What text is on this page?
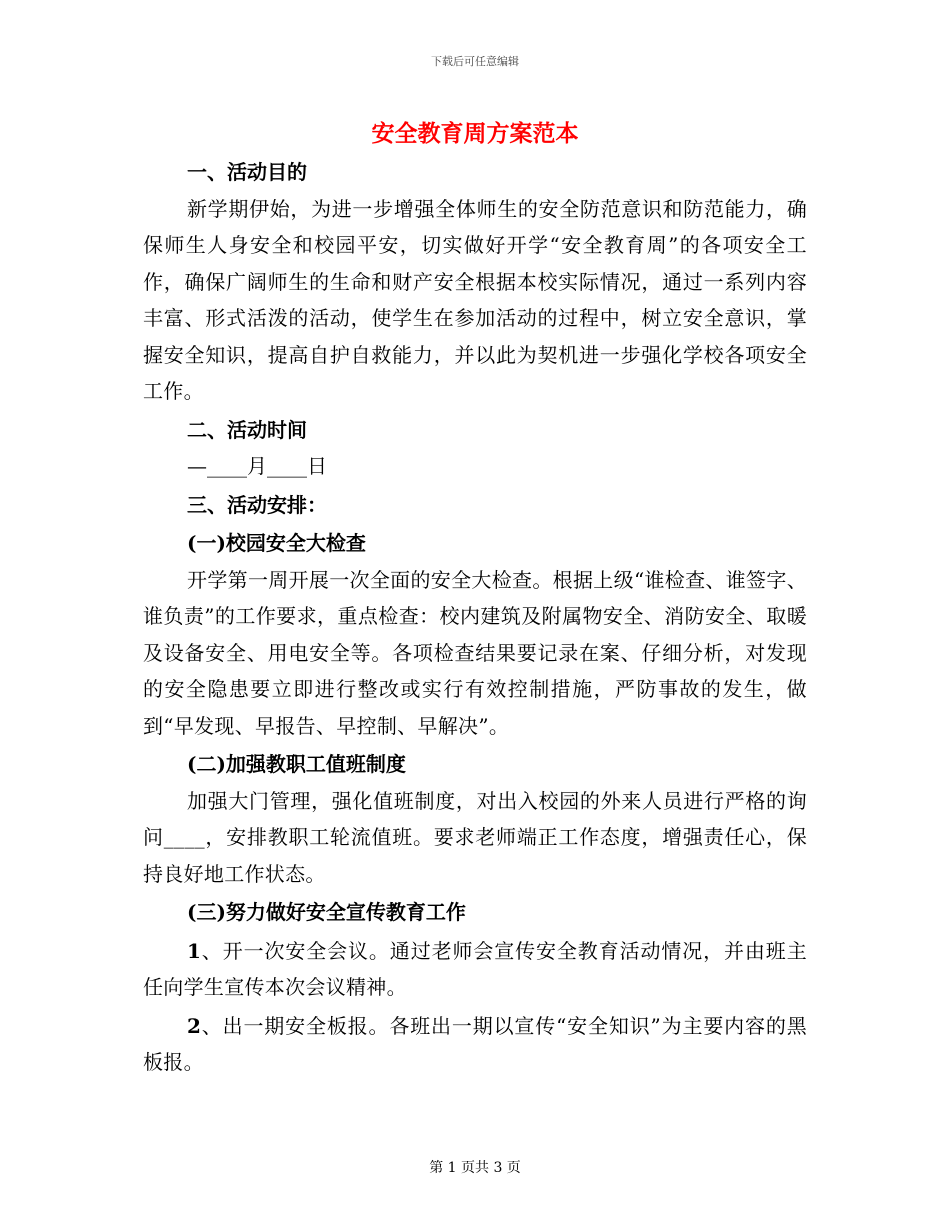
下载后可任意编辑
安全教育周方案范本
一、活动目的
新学期伊始，为进一步增强全体师生的安全防范意识和防范能力，确保师生人身安全和校园平安，切实做好开学“安全教育周”的各项安全工作，确保广阔师生的生命和财产安全根据本校实际情况，通过一系列内容丰富、形式活泼的活动，使学生在参加活动的过程中，树立安全意识，掌握安全知识，提高自护自救能力，并以此为契机进一步强化学校各项安全工作。
二、活动时间
—____月____日
三、活动安排：
(一)校园安全大检查
开学第一周开展一次全面的安全大检查。根据上级“谁检查、谁签字、谁负责”的工作要求，重点检查：校内建筑及附属物安全、消防安全、取暖及设备安全、用电安全等。各项检查结果要记录在案、仔细分析，对发现的安全隐患要立即进行整改或实行有效控制措施，严防事故的发生，做到“早发现、早报告、早控制、早解决”。
(二)加强教职工值班制度
加强大门管理，强化值班制度，对出入校园的外来人员进行严格的询问____，安排教职工轮流值班。要求老师端正工作态度，增强责任心，保持良好地工作状态。
(三)努力做好安全宣传教育工作
1、开一次安全会议。通过老师会宣传安全教育活动情况，并由班主任向学生宣传本次会议精神。
2、出一期安全板报。各班出一期以宣传“安全知识”为主要内容的黑板报。
第 1 页共 3 页
